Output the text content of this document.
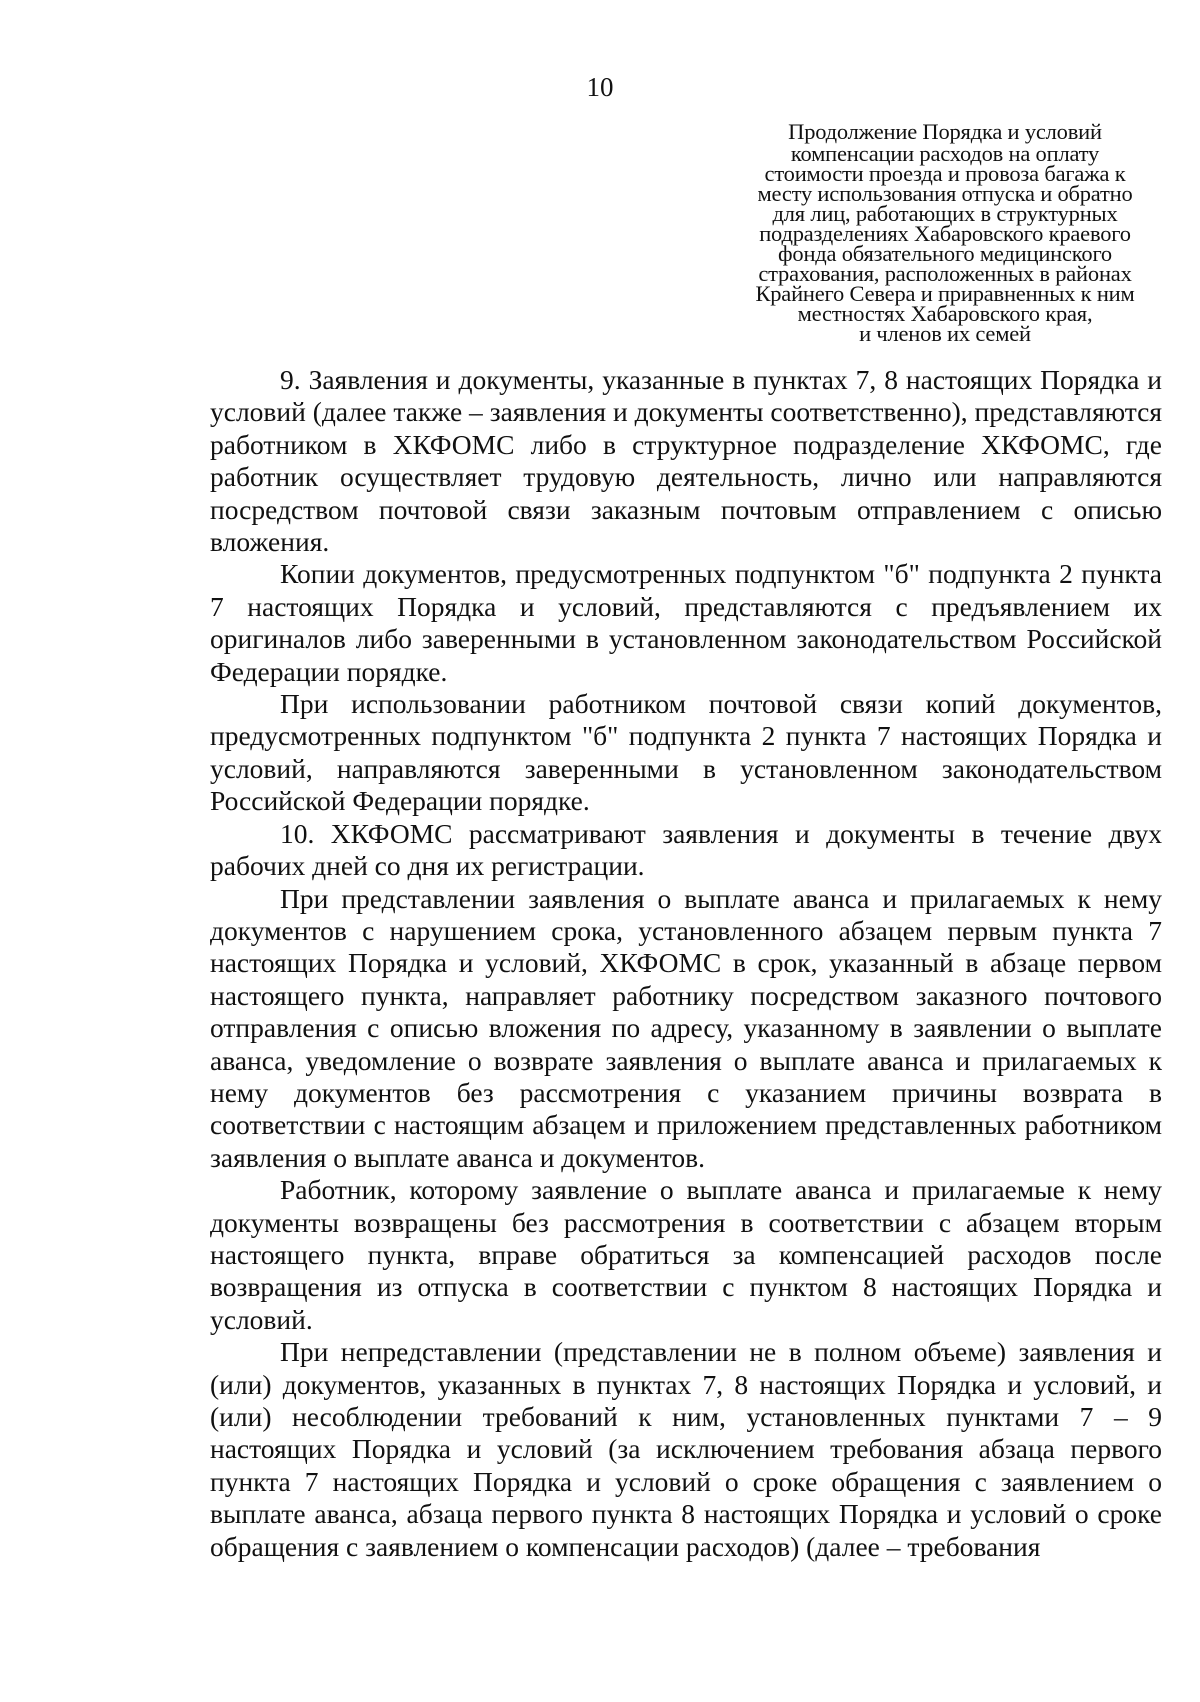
10
Продолжение Порядка и условий
компенсации расходов на оплату
стоимости проезда и провоза багажа к
месту использования отпуска и обратно
для лиц, работающих в структурных
подразделениях Хабаровского краевого
фонда обязательного медицинского
страхования, расположенных в районах
Крайнего Севера и приравненных к ним
местностях Хабаровского края,
и членов их семей

9. Заявления и документы, указанные в пунктах 7, 8 настоящих Порядка и условий (далее также – заявления и документы соответственно), представляются работником в ХКФОМС либо в структурное подразделение ХКФОМС, где работник осуществляет трудовую деятельность, лично или направляются посредством почтовой связи заказным почтовым отправлением с описью вложения.

Копии документов, предусмотренных подпунктом "б" подпункта 2 пункта 7 настоящих Порядка и условий, представляются с предъявлением их оригиналов либо заверенными в установленном законодательством Российской Федерации порядке.

При использовании работником почтовой связи копий документов, предусмотренных подпунктом "б" подпункта 2 пункта 7 настоящих Порядка и условий, направляются заверенными в установленном законодательством Российской Федерации порядке.

10. ХКФОМС рассматривают заявления и документы в течение двух рабочих дней со дня их регистрации.

При представлении заявления о выплате аванса и прилагаемых к нему документов с нарушением срока, установленного абзацем первым пункта 7 настоящих Порядка и условий, ХКФОМС в срок, указанный в абзаце первом настоящего пункта, направляет работнику посредством заказного почтового отправления с описью вложения по адресу, указанному в заявлении о выплате аванса, уведомление о возврате заявления о выплате аванса и прилагаемых к нему документов без рассмотрения с указанием причины возврата в соответствии с настоящим абзацем и приложением представленных работником заявления о выплате аванса и документов.

Работник, которому заявление о выплате аванса и прилагаемые к нему документы возвращены без рассмотрения в соответствии с абзацем вторым настоящего пункта, вправе обратиться за компенсацией расходов после возвращения из отпуска в соответствии с пунктом 8 настоящих Порядка и условий.

При непредставлении (представлении не в полном объеме) заявления и (или) документов, указанных в пунктах 7, 8 настоящих Порядка и условий, и (или) несоблюдении требований к ним, установленных пунктами 7 – 9 настоящих Порядка и условий (за исключением требования абзаца первого пункта 7 настоящих Порядка и условий о сроке обращения с заявлением о выплате аванса, абзаца первого пункта 8 настоящих Порядка и условий о сроке обращения с заявлением о компенсации расходов) (далее – требования
